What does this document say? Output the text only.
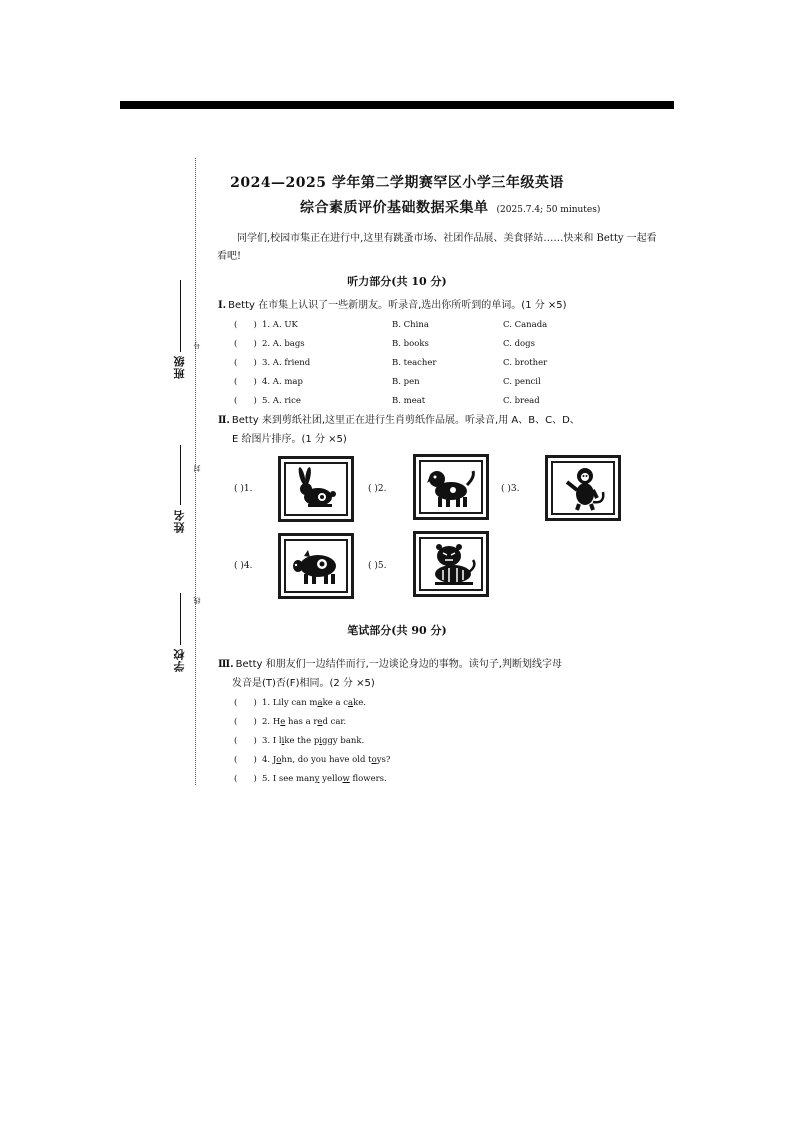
班级
号
姓名
封
学校
线
2024—2025 学年第二学期赛罕区小学三年级英语
综合素质评价基础数据采集单 (2025.7.4; 50 minutes)
同学们,校园市集正在进行中,这里有跳蚤市场、社团作品展、美食驿站……快来和 Betty 一起看看吧!
听力部分(共 10 分)
Ⅰ. Betty 在市集上认识了一些新朋友。听录音,选出你所听到的单词。(1 分 ×5)
( ) 1. A. UK	B. China	C. Canada
( ) 2. A. bags	B. books	C. dogs
( ) 3. A. friend	B. teacher	C. brother
( ) 4. A. map	B. pen	C. pencil
( ) 5. A. rice	B. meat	C. bread
Ⅱ. Betty 来到剪纸社团,这里正在进行生肖剪纸作品展。听录音,用 A、B、C、D、
E 给图片排序。(1 分 ×5)
( )1.	( )2.	( )3.
( )4.	( )5.
笔试部分(共 90 分)
Ⅲ. Betty 和朋友们一边结伴而行,一边谈论身边的事物。读句子,判断划线字母
发音是(T)否(F)相同。(2 分 ×5)
( ) 1. Lily can make a cake.
( ) 2. He has a red car.
( ) 3. I like the piggy bank.
( ) 4. John, do you have old toys?
( ) 5. I see many yellow flowers.
